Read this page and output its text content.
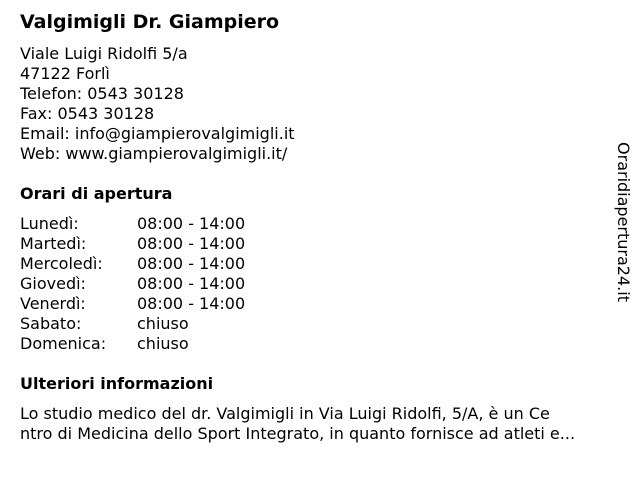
Valgimigli Dr. Giampiero
Viale Luigi Ridolfi 5/a
47122 Forlì
Telefon: 0543 30128
Fax: 0543 30128
Email: info@giampierovalgimigli.it
Web: www.giampierovalgimigli.it/
Orari di apertura
Lunedì:	08:00 - 14:00
Martedì:	08:00 - 14:00
Mercoledì: 08:00 - 14:00
Giovedì:	08:00 - 14:00
Venerdì:	08:00 - 14:00
Sabato:	chiuso
Domenica: chiuso
Ulteriori informazioni
Lo studio medico del dr. Valgimigli in Via Luigi Ridolfi, 5/A, è un Ce
ntro di Medicina dello Sport Integrato, in quanto fornisce ad atleti e...
Oraridiapertura24.it
